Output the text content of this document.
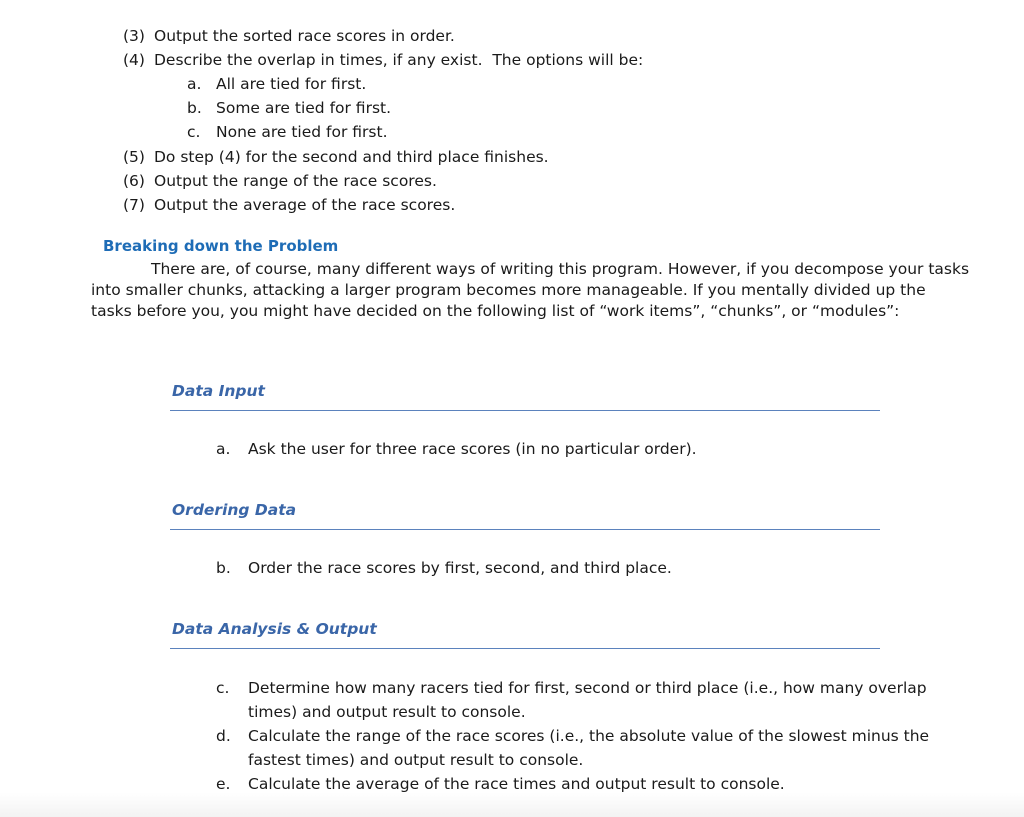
(3) Output the sorted race scores in order.
(4) Describe the overlap in times, if any exist.  The options will be:
a. All are tied for first.
b. Some are tied for first.
c. None are tied for first.
(5) Do step (4) for the second and third place finishes.
(6) Output the range of the race scores.
(7) Output the average of the race scores.
Breaking down the Problem
There are, of course, many different ways of writing this program. However, if you decompose your tasks into smaller chunks, attacking a larger program becomes more manageable. If you mentally divided up the tasks before you, you might have decided on the following list of “work items”, “chunks”, or “modules”:
Data Input
a. Ask the user for three race scores (in no particular order).
Ordering Data
b. Order the race scores by first, second, and third place.
Data Analysis & Output
c. Determine how many racers tied for first, second or third place (i.e., how many overlap times) and output result to console.
d. Calculate the range of the race scores (i.e., the absolute value of the slowest minus the fastest times) and output result to console.
e. Calculate the average of the race times and output result to console.
